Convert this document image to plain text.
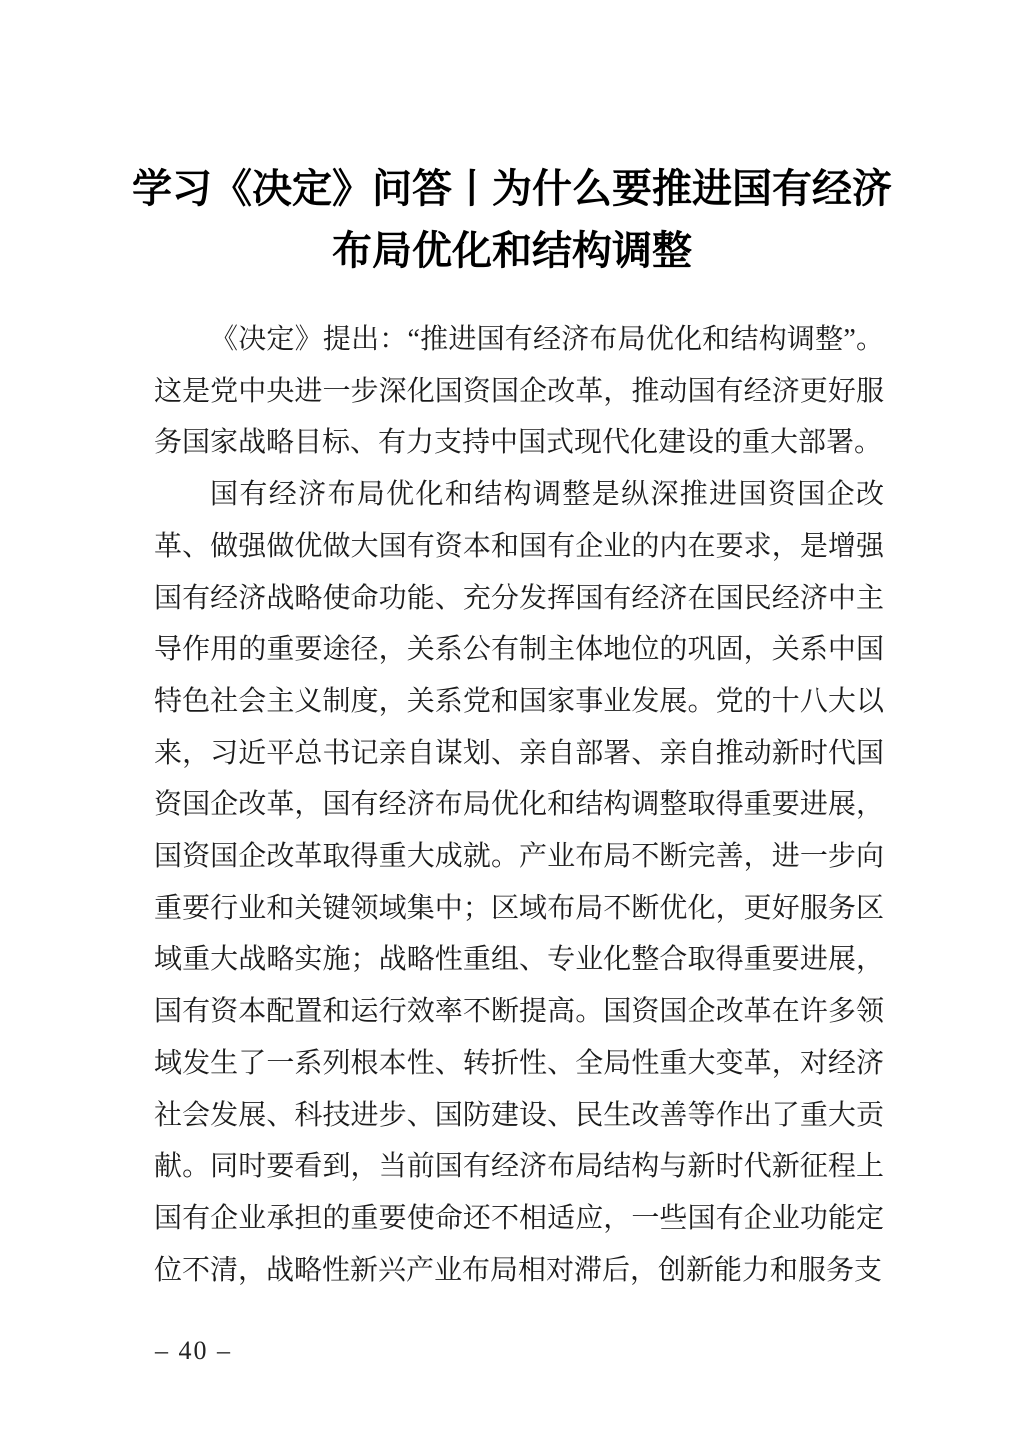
学习《决定》问答丨为什么要推进国有经济
布局优化和结构调整

《决定》提出：“推进国有经济布局优化和结构调整”。这是党中央进一步深化国资国企改革，推动国有经济更好服务国家战略目标、有力支持中国式现代化建设的重大部署。

国有经济布局优化和结构调整是纵深推进国资国企改革、做强做优做大国有资本和国有企业的内在要求，是增强国有经济战略使命功能、充分发挥国有经济在国民经济中主导作用的重要途径，关系公有制主体地位的巩固，关系中国特色社会主义制度，关系党和国家事业发展。党的十八大以来，习近平总书记亲自谋划、亲自部署、亲自推动新时代国资国企改革，国有经济布局优化和结构调整取得重要进展，国资国企改革取得重大成就。产业布局不断完善，进一步向重要行业和关键领域集中；区域布局不断优化，更好服务区域重大战略实施；战略性重组、专业化整合取得重要进展，国有资本配置和运行效率不断提高。国资国企改革在许多领域发生了一系列根本性、转折性、全局性重大变革，对经济社会发展、科技进步、国防建设、民生改善等作出了重大贡献。同时要看到，当前国有经济布局结构与新时代新征程上国有企业承担的重要使命还不相适应，一些国有企业功能定位不清，战略性新兴产业布局相对滞后，创新能力和服务支

– 40 –
